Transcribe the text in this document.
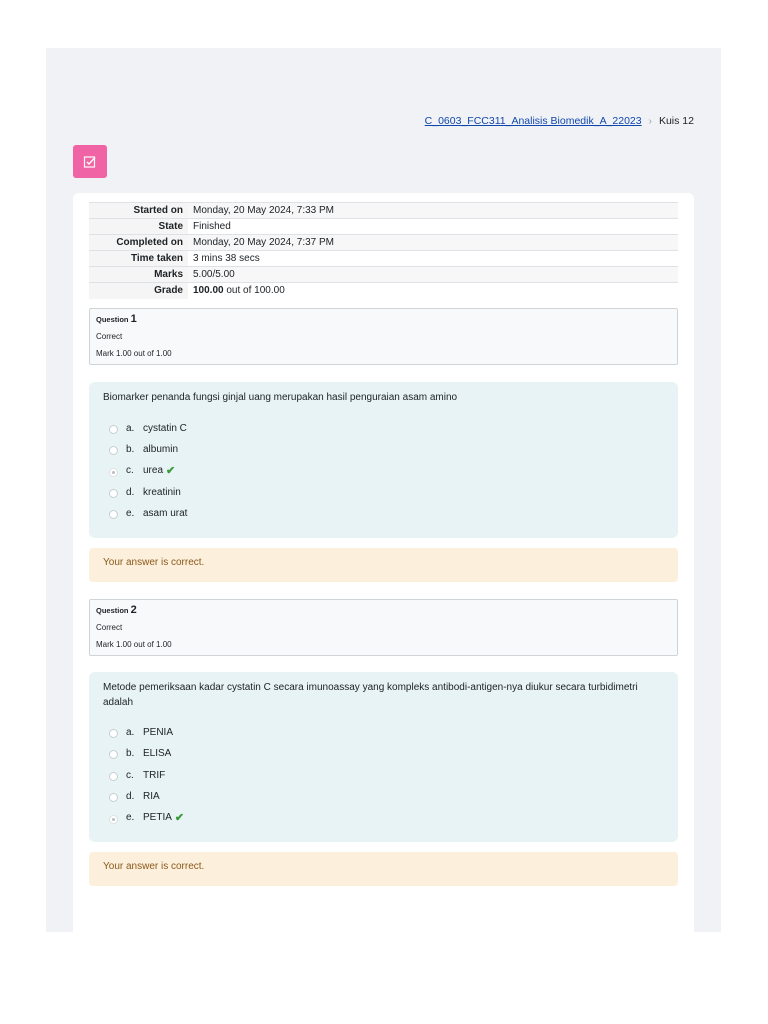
C_0603_FCC311_Analisis Biomedik_A_22023 › Kuis 12
Started on	Monday, 20 May 2024, 7:33 PM
State	Finished
Completed on	Monday, 20 May 2024, 7:37 PM
Time taken	3 mins 38 secs
Marks	5.00/5.00
Grade	100.00 out of 100.00
Question 1
Correct
Mark 1.00 out of 1.00
Biomarker penanda fungsi ginjal uang merupakan hasil penguraian asam amino
a. cystatin C
b. albumin
c. urea ✔
d. kreatinin
e. asam urat
Your answer is correct.
Question 2
Correct
Mark 1.00 out of 1.00
Metode pemeriksaan kadar cystatin C secara imunoassay yang kompleks antibodi-antigen-nya diukur secara turbidimetri adalah
a. PENIA
b. ELISA
c. TRIF
d. RIA
e. PETIA ✔
Your answer is correct.
